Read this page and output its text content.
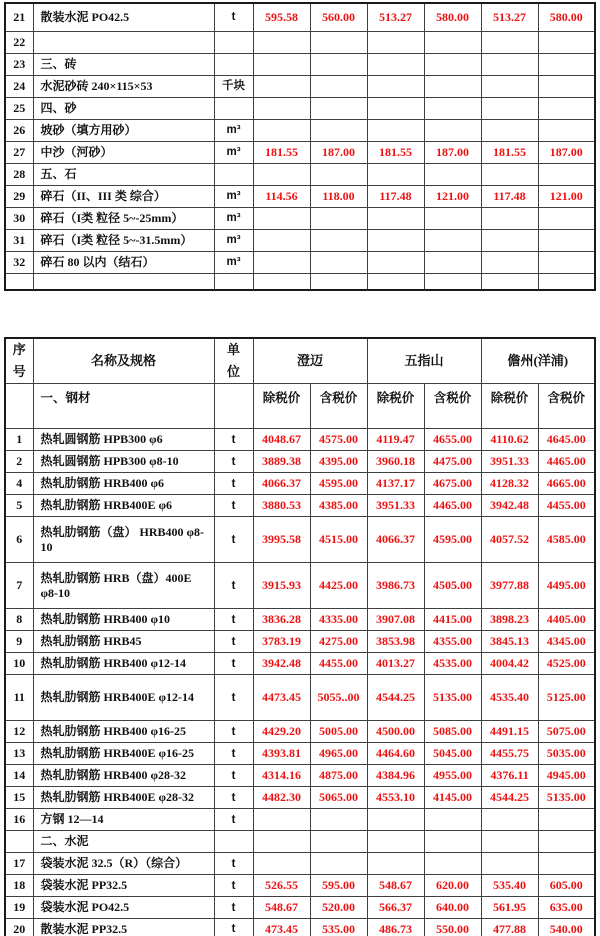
21	散装水泥 PO42.5	t	595.58	560.00	513.27	580.00	513.27	580.00
22								
23	三、砖							
24	水泥砂砖 240×115×53	千块						
25	四、砂							
26	坡砂（填方用砂）	m³						
27	中沙（河砂）	m³	181.55	187.00	181.55	187.00	181.55	187.00
28	五、石							
29	碎石（II、III 类 综合）	m³	114.56	118.00	117.48	121.00	117.48	121.00
30	碎石（I类 粒径 5~-25mm）	m³						
31	碎石（I类 粒径 5~-31.5mm）	m³						
32	碎石 80 以内（结石）	m³						

序号	名称及规格	单位	澄迈		五指山		儋州(洋浦)	
	一、钢材		除税价	含税价	除税价	含税价	除税价	含税价
1	热轧圆钢筋 HPB300 φ6	t	4048.67	4575.00	4119.47	4655.00	4110.62	4645.00
2	热轧圆钢筋 HPB300 φ8-10	t	3889.38	4395.00	3960.18	4475.00	3951.33	4465.00
4	热轧肋钢筋 HRB400 φ6	t	4066.37	4595.00	4137.17	4675.00	4128.32	4665.00
5	热轧肋钢筋 HRB400E φ6	t	3880.53	4385.00	3951.33	4465.00	3942.48	4455.00
6	热轧肋钢筋（盘） HRB400 φ8-10	t	3995.58	4515.00	4066.37	4595.00	4057.52	4585.00
7	热轧肋钢筋 HRB（盘）400E φ8-10	t	3915.93	4425.00	3986.73	4505.00	3977.88	4495.00
8	热轧肋钢筋 HRB400 φ10	t	3836.28	4335.00	3907.08	4415.00	3898.23	4405.00
9	热轧肋钢筋 HRB45	t	3783.19	4275.00	3853.98	4355.00	3845.13	4345.00
10	热轧肋钢筋 HRB400 φ12-14	t	3942.48	4455.00	4013.27	4535.00	4004.42	4525.00
11	热轧肋钢筋 HRB400E φ12-14	t	4473.45	5055..00	4544.25	5135.00	4535.40	5125.00
12	热轧肋钢筋 HRB400 φ16-25	t	4429.20	5005.00	4500.00	5085.00	4491.15	5075.00
13	热轧肋钢筋 HRB400E φ16-25	t	4393.81	4965.00	4464.60	5045.00	4455.75	5035.00
14	热轧肋钢筋 HRB400 φ28-32	t	4314.16	4875.00	4384.96	4955.00	4376.11	4945.00
15	热轧肋钢筋 HRB400E φ28-32	t	4482.30	5065.00	4553.10	4145.00	4544.25	5135.00
16	方钢 12—14	t						
	二、水泥							
17	袋装水泥 32.5（R）（综合）	t						
18	袋装水泥 PP32.5	t	526.55	595.00	548.67	620.00	535.40	605.00
19	袋装水泥 PO42.5	t	548.67	520.00	566.37	640.00	561.95	635.00
20	散装水泥 PP32.5	t	473.45	535.00	486.73	550.00	477.88	540.00
